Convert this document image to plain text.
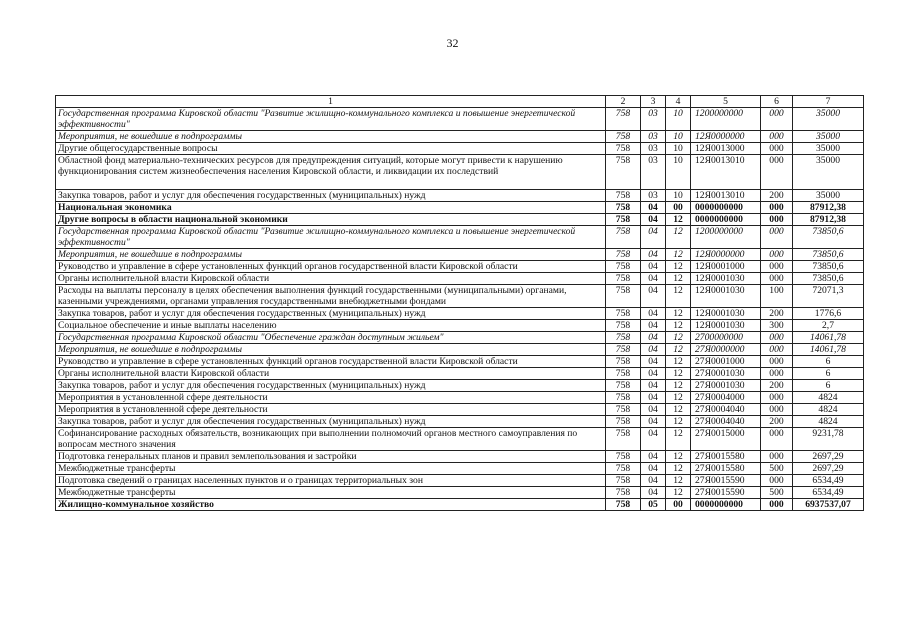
32
1	2	3	4	5	6	7
Государственная программа Кировской области "Развитие жилищно-коммунального комплекса и повышение энергетической эффективности"	758	03	10	1200000000	000	35000
Мероприятия, не вошедшие в подпрограммы	758	03	10	12Я0000000	000	35000
Другие общегосударственные вопросы	758	03	10	12Я0013000	000	35000
Областной фонд материально-технических ресурсов для предупреждения ситуаций, которые могут привести к нарушению функционирования систем жизнеобеспечения населения Кировской области, и ликвидации их последствий	758	03	10	12Я0013010	000	35000
Закупка товаров, работ и услуг для обеспечения государственных (муниципальных) нужд	758	03	10	12Я0013010	200	35000
Национальная экономика	758	04	00	0000000000	000	87912,38
Другие вопросы в области национальной экономики	758	04	12	0000000000	000	87912,38
Государственная программа Кировской области "Развитие жилищно-коммунального комплекса и повышение энергетической эффективности"	758	04	12	1200000000	000	73850,6
Мероприятия, не вошедшие в подпрограммы	758	04	12	12Я0000000	000	73850,6
Руководство и управление в сфере установленных функций органов государственной власти Кировской области	758	04	12	12Я0001000	000	73850,6
Органы исполнительной власти Кировской области	758	04	12	12Я0001030	000	73850,6
Расходы на выплаты персоналу в целях обеспечения выполнения функций государственными (муниципальными) органами, казенными учреждениями, органами управления государственными внебюджетными фондами	758	04	12	12Я0001030	100	72071,3
Закупка товаров, работ и услуг для обеспечения государственных (муниципальных) нужд	758	04	12	12Я0001030	200	1776,6
Социальное обеспечение и иные выплаты населению	758	04	12	12Я0001030	300	2,7
Государственная программа Кировской области "Обеспечение граждан доступным жильем"	758	04	12	2700000000	000	14061,78
Мероприятия, не вошедшие в подпрограммы	758	04	12	27Я0000000	000	14061,78
Руководство и управление в сфере установленных функций органов государственной власти Кировской области	758	04	12	27Я0001000	000	6
Органы исполнительной власти Кировской области	758	04	12	27Я0001030	000	6
Закупка товаров, работ и услуг для обеспечения государственных (муниципальных) нужд	758	04	12	27Я0001030	200	6
Мероприятия в установленной сфере деятельности	758	04	12	27Я0004000	000	4824
Мероприятия в установленной сфере деятельности	758	04	12	27Я0004040	000	4824
Закупка товаров, работ и услуг для обеспечения государственных (муниципальных) нужд	758	04	12	27Я0004040	200	4824
Софинансирование расходных обязательств, возникающих при выполнении полномочий органов местного самоуправления по вопросам местного значения	758	04	12	27Я0015000	000	9231,78
Подготовка генеральных планов и правил землепользования и застройки	758	04	12	27Я0015580	000	2697,29
Межбюджетные трансферты	758	04	12	27Я0015580	500	2697,29
Подготовка сведений о границах населенных пунктов и о границах территориальных зон	758	04	12	27Я0015590	000	6534,49
Межбюджетные трансферты	758	04	12	27Я0015590	500	6534,49
Жилищно-коммунальное хозяйство	758	05	00	0000000000	000	6937537,07
